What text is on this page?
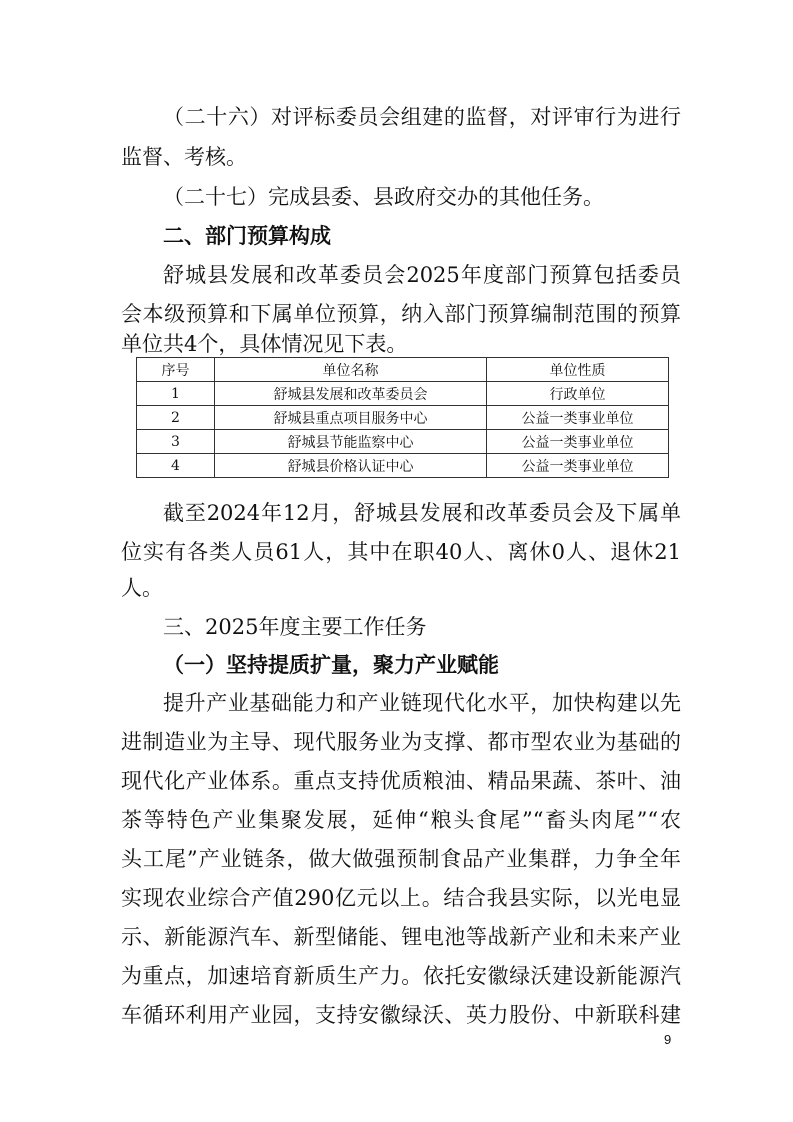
（二十六）对评标委员会组建的监督，对评审行为进行
监督、考核。
（二十七）完成县委、县政府交办的其他任务。
二、部门预算构成
舒城县发展和改革委员会2025年度部门预算包括委员
会本级预算和下属单位预算，纳入部门预算编制范围的预算
单位共4个，具体情况见下表。
序号	单位名称	单位性质
1	舒城县发展和改革委员会	行政单位
2	舒城县重点项目服务中心	公益一类事业单位
3	舒城县节能监察中心	公益一类事业单位
4	舒城县价格认证中心	公益一类事业单位
截至2024年12月，舒城县发展和改革委员会及下属单
位实有各类人员61人，其中在职40人、离休0人、退休21
人。
三、2025年度主要工作任务
（一）坚持提质扩量，聚力产业赋能
提升产业基础能力和产业链现代化水平，加快构建以先
进制造业为主导、现代服务业为支撑、都市型农业为基础的
现代化产业体系。重点支持优质粮油、精品果蔬、茶叶、油
茶等特色产业集聚发展，延伸“粮头食尾”“畜头肉尾”“农
头工尾”产业链条，做大做强预制食品产业集群，力争全年
实现农业综合产值290亿元以上。结合我县实际，以光电显
示、新能源汽车、新型储能、锂电池等战新产业和未来产业
为重点，加速培育新质生产力。依托安徽绿沃建设新能源汽
车循环利用产业园，支持安徽绿沃、英力股份、中新联科建
9
